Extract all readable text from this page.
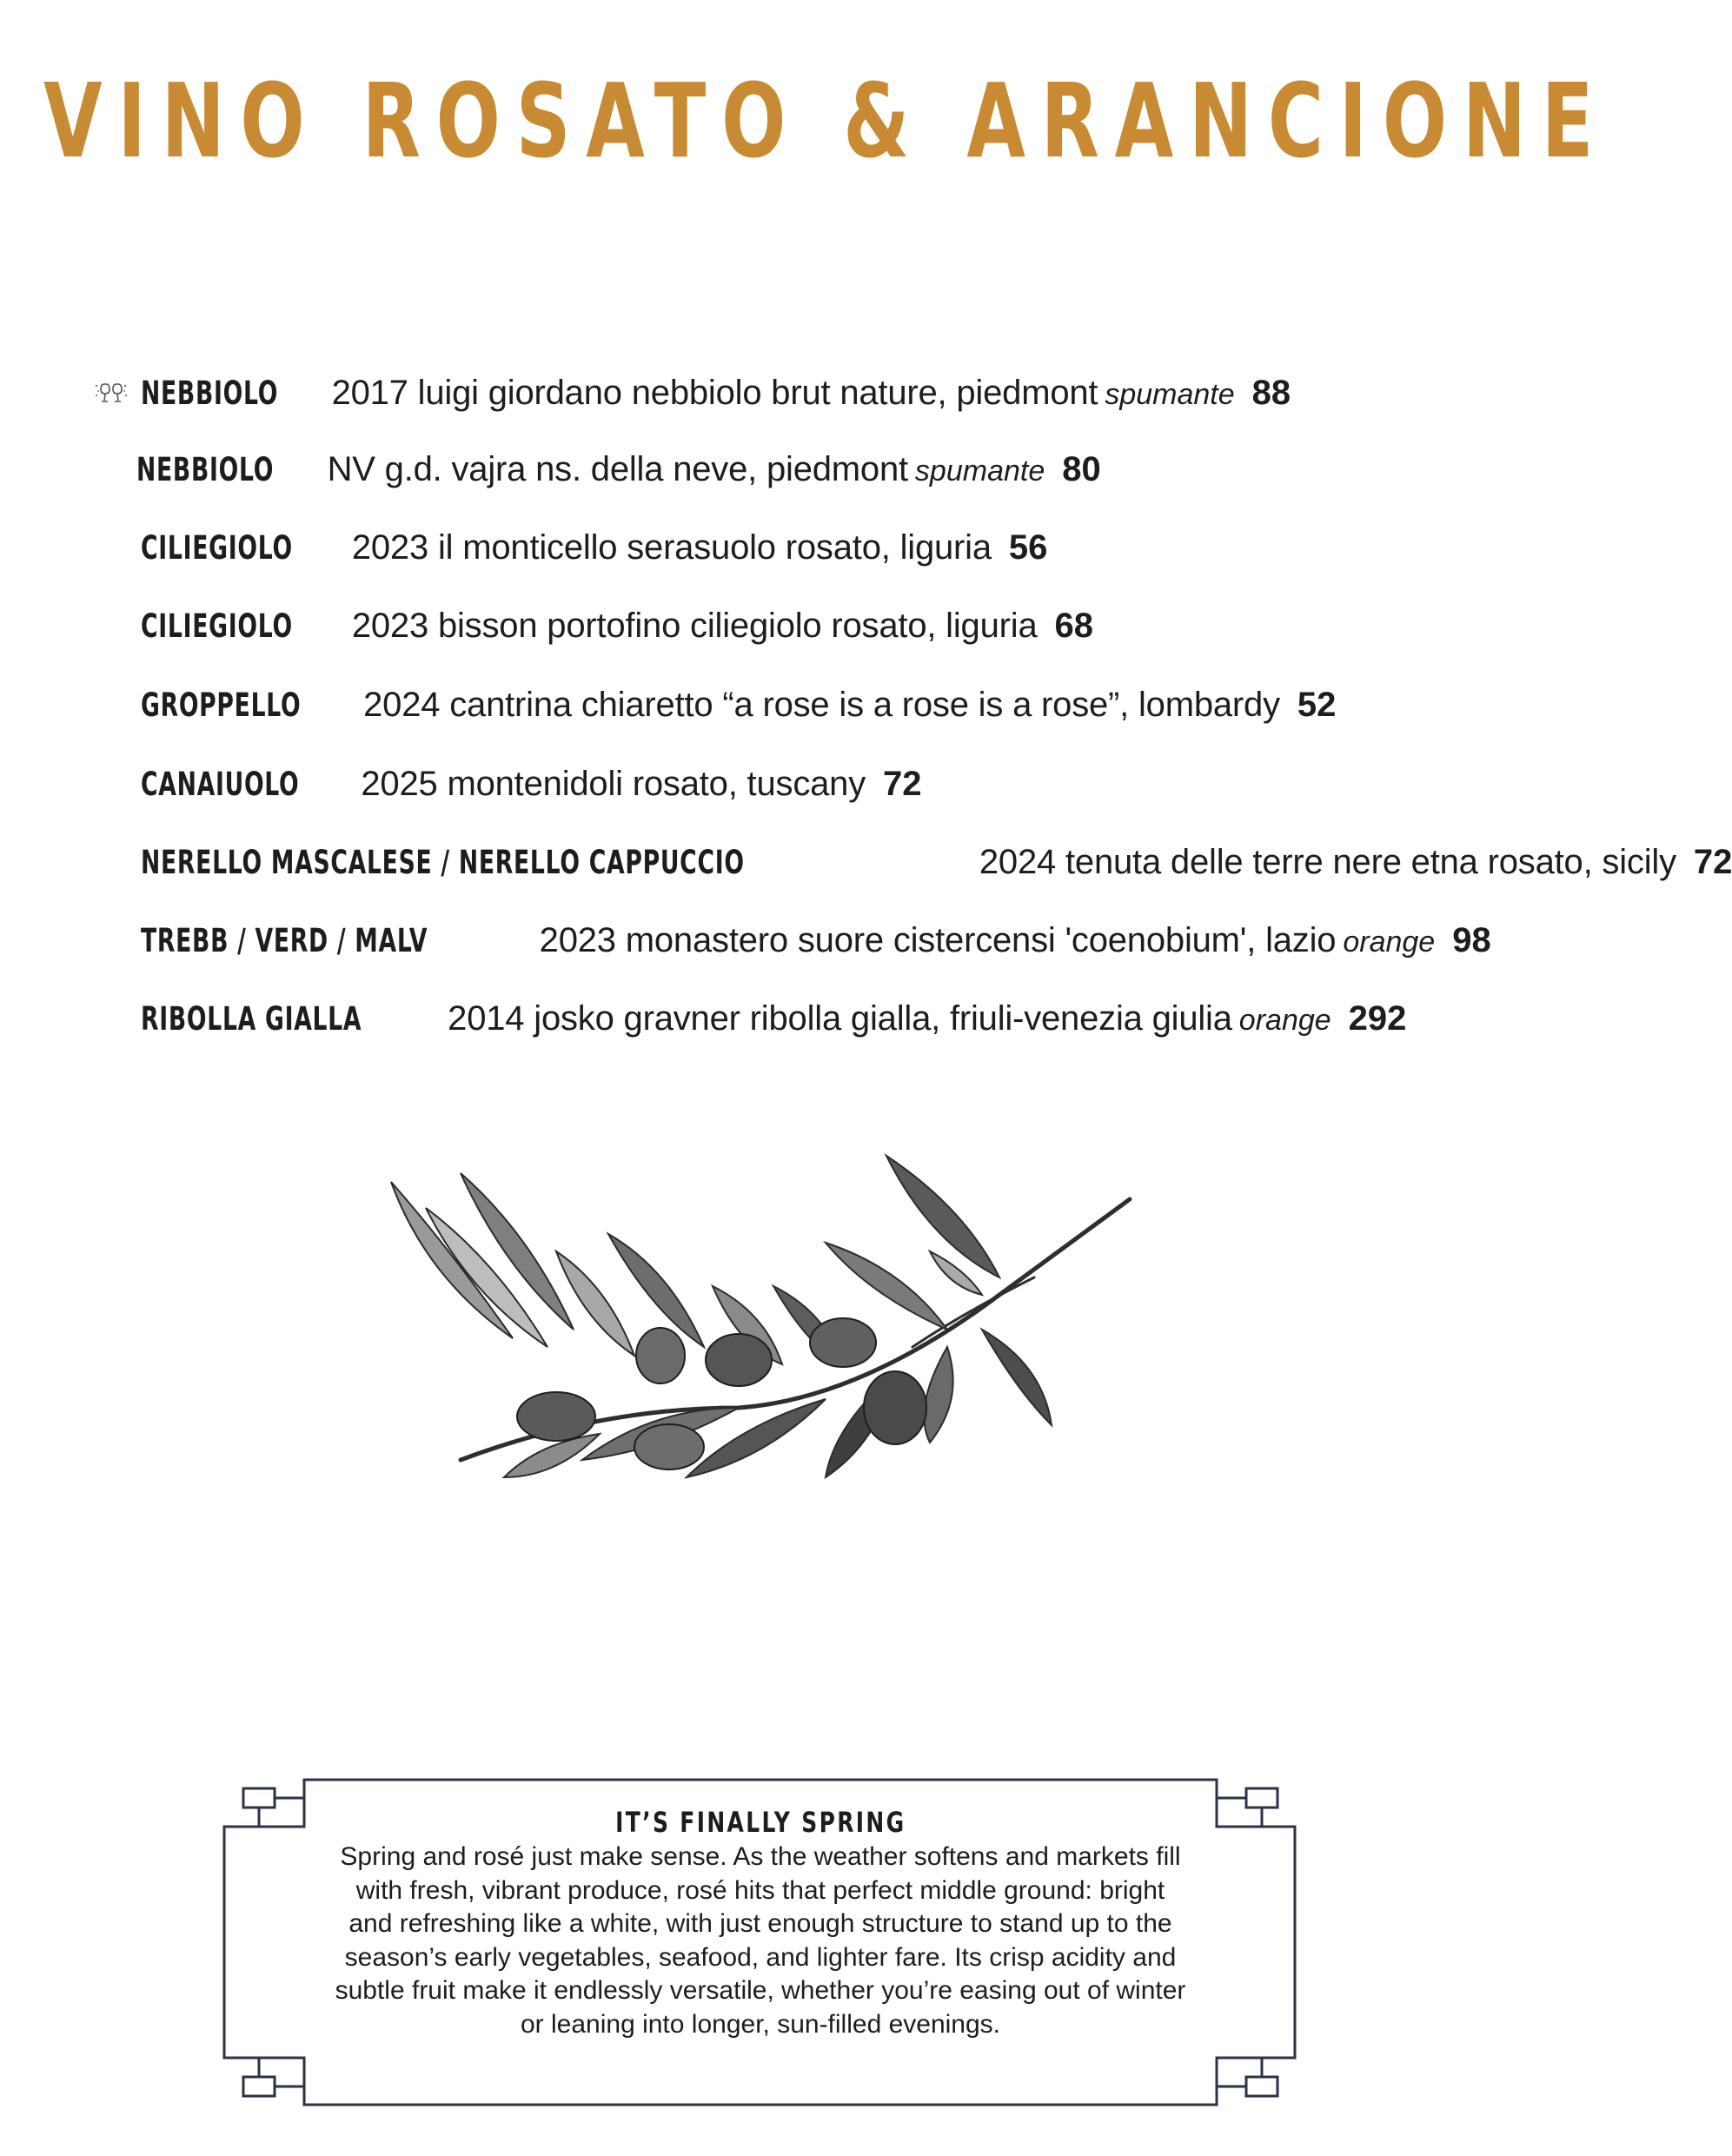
VINO ROSATO & ARANCIONE
NEBBIOLO 2017 luigi giordano nebbiolo brut nature, piedmont spumante 88
NEBBIOLO NV g.d. vajra ns. della neve, piedmont spumante 80
CILIEGIOLO 2023 il monticello serasuolo rosato, liguria 56
CILIEGIOLO 2023 bisson portofino ciliegiolo rosato, liguria 68
GROPPELLO 2024 cantrina chiaretto “a rose is a rose is a rose”, lombardy 52
CANAIUOLO 2025 montenidoli rosato, tuscany 72
NERELLO MASCALESE / NERELLO CAPPUCCIO	2024 tenuta delle terre nere etna rosato, sicily 72
TREBB / VERD / MALV	2023 monastero suore cistercensi 'coenobium', lazio orange 98
RIBOLLA GIALLA 2014 josko gravner ribolla gialla, friuli-venezia giulia orange 292
IT’S FINALLY SPRING
Spring and rosé just make sense. As the weather softens and markets fill
with fresh, vibrant produce, rosé hits that perfect middle ground: bright
and refreshing like a white, with just enough structure to stand up to the
season’s early vegetables, seafood, and lighter fare. Its crisp acidity and
subtle fruit make it endlessly versatile, whether you’re easing out of winter
or leaning into longer, sun-filled evenings.
